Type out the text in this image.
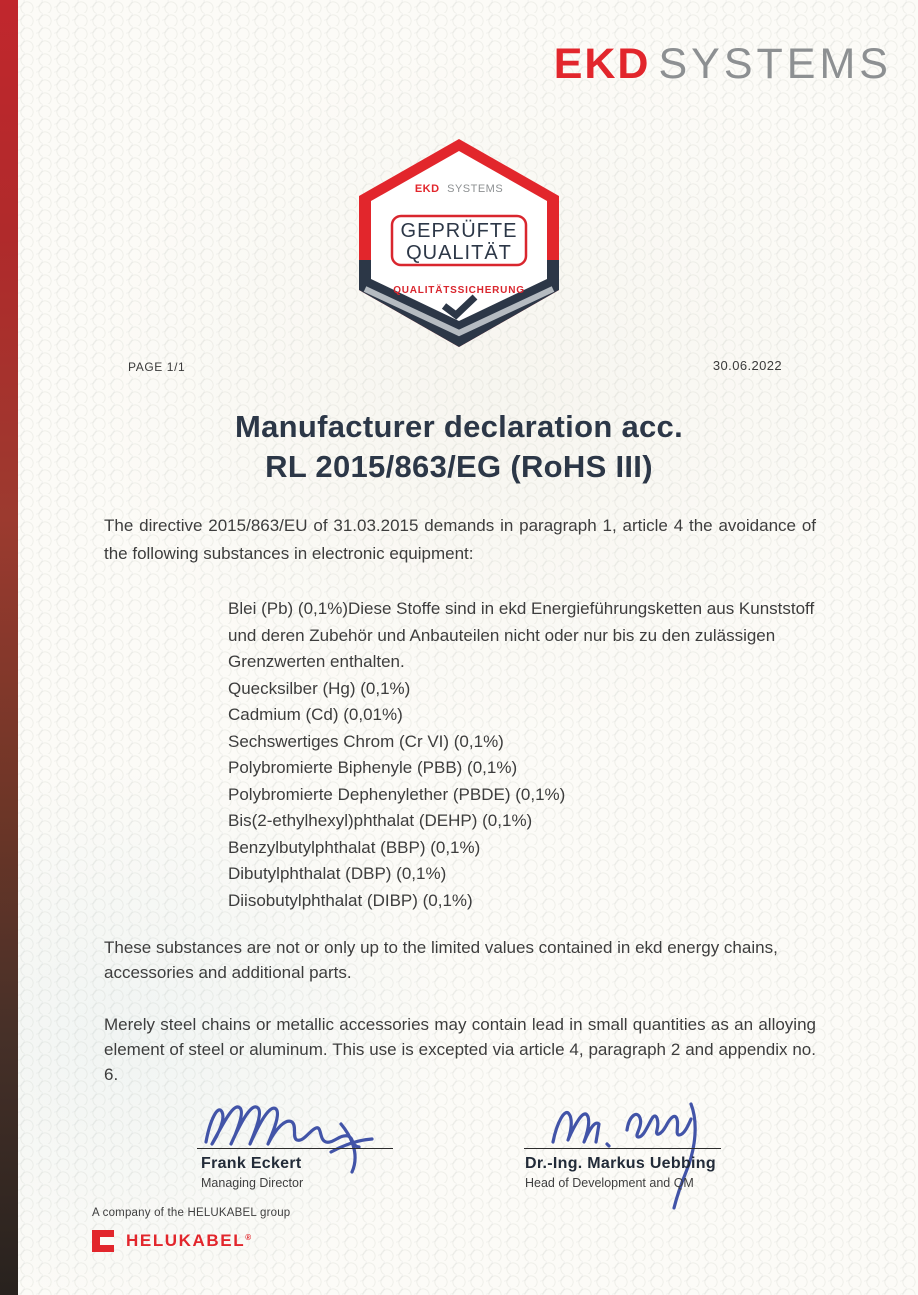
EKD SYSTEMS
EKD SYSTEMS
GEPRÜFTE
QUALITÄT
QUALITÄTSSICHERUNG
PAGE 1/1	30.06.2022
Manufacturer declaration acc.
RL 2015/863/EG (RoHS III)
The directive 2015/863/EU of 31.03.2015 demands in paragraph 1, article 4 the avoidance of the following substances in electronic equipment:
Blei (Pb) (0,1%)Diese Stoffe sind in ekd Energieführungsketten aus Kunststoff und deren Zubehör und Anbauteilen nicht oder nur bis zu den zulässigen Grenzwerten enthalten.
Quecksilber (Hg) (0,1%)
Cadmium (Cd) (0,01%)
Sechswertiges Chrom (Cr VI) (0,1%)
Polybromierte Biphenyle (PBB) (0,1%)
Polybromierte Dephenylether (PBDE) (0,1%)
Bis(2-ethylhexyl)phthalat (DEHP) (0,1%)
Benzylbutylphthalat (BBP) (0,1%)
Dibutylphthalat (DBP) (0,1%)
Diisobutylphthalat (DIBP) (0,1%)
These substances are not or only up to the limited values contained in ekd energy chains, accessories and additional parts.
Merely steel chains or metallic accessories may contain lead in small quantities as an alloying element of steel or aluminum. This use is excepted via article 4, paragraph 2 and appendix no. 6.
Frank Eckert
Managing Director
Dr.-Ing. Markus Uebbing
Head of Development and QM
A company of the HELUKABEL group
HELUKABEL®
